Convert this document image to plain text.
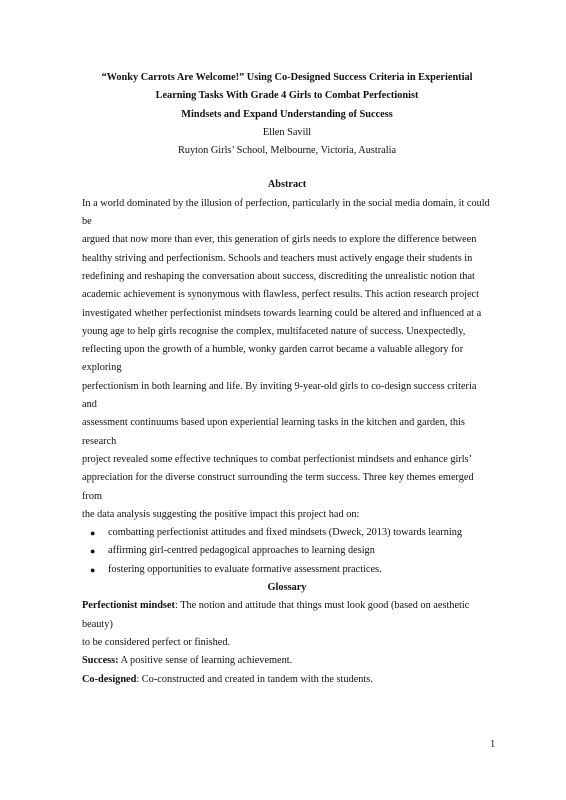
“Wonky Carrots Are Welcome!” Using Co-Designed Success Criteria in Experiential

Learning Tasks With Grade 4 Girls to Combat Perfectionist

Mindsets and Expand Understanding of Success

Ellen Savill

Ruyton Girls’ School, Melbourne, Victoria, Australia

Abstract

In a world dominated by the illusion of perfection, particularly in the social media domain, it could be

argued that now more than ever, this generation of girls needs to explore the difference between

healthy striving and perfectionism. Schools and teachers must actively engage their students in

redefining and reshaping the conversation about success, discrediting the unrealistic notion that

academic achievement is synonymous with flawless, perfect results. This action research project

investigated whether perfectionist mindsets towards learning could be altered and influenced at a

young age to help girls recognise the complex, multifaceted nature of success. Unexpectedly,

reflecting upon the growth of a humble, wonky garden carrot became a valuable allegory for exploring

perfectionism in both learning and life. By inviting 9-year-old girls to co-design success criteria and

assessment continuums based upon experiential learning tasks in the kitchen and garden, this research

project revealed some effective techniques to combat perfectionist mindsets and enhance girls’

appreciation for the diverse construct surrounding the term success. Three key themes emerged from

the data analysis suggesting the positive impact this project had on:

● combatting perfectionist attitudes and fixed mindsets (Dweck, 2013) towards learning
● affirming girl-centred pedagogical approaches to learning design
● fostering opportunities to evaluate formative assessment practices.

Glossary

Perfectionist mindset: The notion and attitude that things must look good (based on aesthetic beauty)

to be considered perfect or finished.

Success: A positive sense of learning achievement.

Co-designed: Co-constructed and created in tandem with the students.

1
